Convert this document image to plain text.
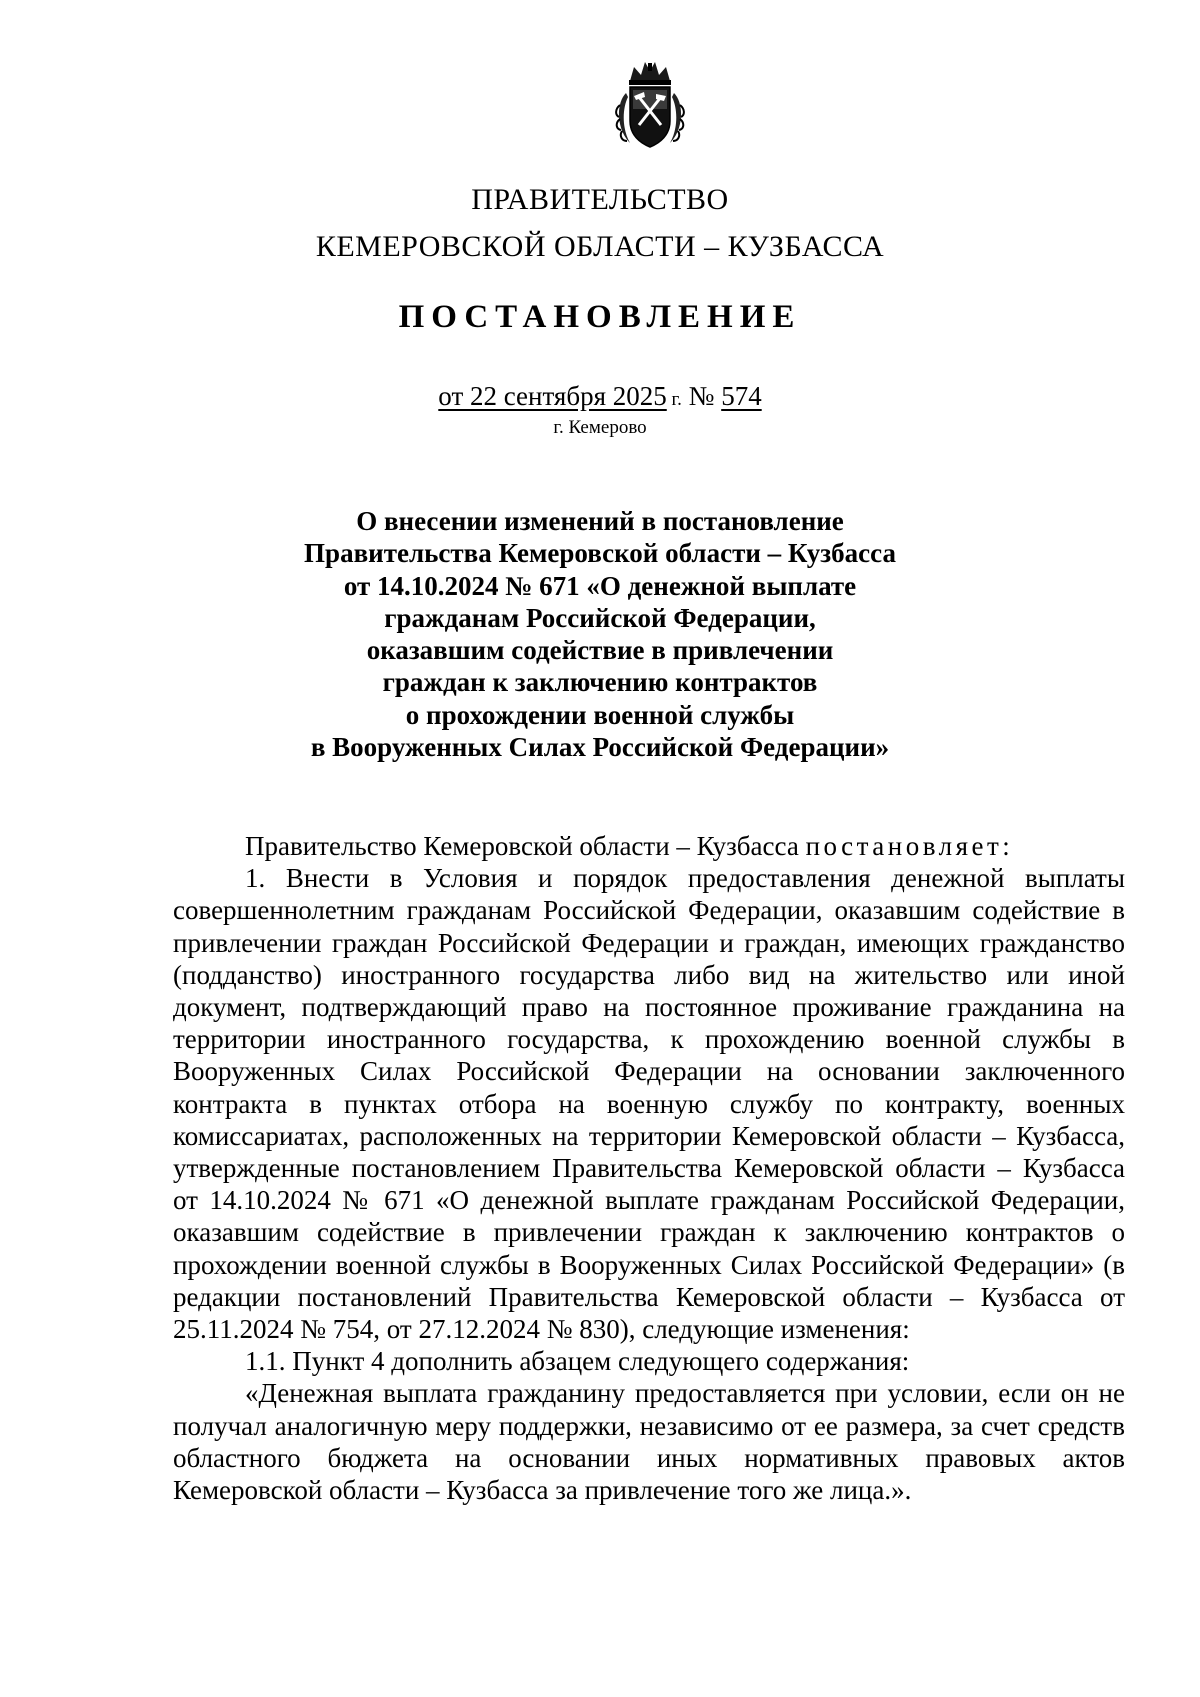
ПРАВИТЕЛЬСТВО
КЕМЕРОВСКОЙ ОБЛАСТИ – КУЗБАССА
ПОСТАНОВЛЕНИЕ
от 22 сентября 2025 г. № 574
г. Кемерово
О внесении изменений в постановление
Правительства Кемеровской области – Кузбасса
от 14.10.2024 № 671 «О денежной выплате
гражданам Российской Федерации,
оказавшим содействие в привлечении
граждан к заключению контрактов
о прохождении военной службы
в Вооруженных Силах Российской Федерации»
Правительство Кемеровской области – Кузбасса постановляет:
1. Внести в Условия и порядок предоставления денежной выплаты совершеннолетним гражданам Российской Федерации, оказавшим содействие в привлечении граждан Российской Федерации и граждан, имеющих гражданство (подданство) иностранного государства либо вид на жительство или иной документ, подтверждающий право на постоянное проживание гражданина на территории иностранного государства, к прохождению военной службы в Вооруженных Силах Российской Федерации на основании заключенного контракта в пунктах отбора на военную службу по контракту, военных комиссариатах, расположенных на территории Кемеровской области – Кузбасса, утвержденные постановлением Правительства Кемеровской области – Кузбасса от 14.10.2024 № 671 «О денежной выплате гражданам Российской Федерации, оказавшим содействие в привлечении граждан к заключению контрактов о прохождении военной службы в Вооруженных Силах Российской Федерации» (в редакции постановлений Правительства Кемеровской области – Кузбасса от 25.11.2024 № 754, от 27.12.2024 № 830), следующие изменения:
1.1. Пункт 4 дополнить абзацем следующего содержания:
«Денежная выплата гражданину предоставляется при условии, если он не получал аналогичную меру поддержки, независимо от ее размера, за счет средств областного бюджета на основании иных нормативных правовых актов Кемеровской области – Кузбасса за привлечение того же лица.».
